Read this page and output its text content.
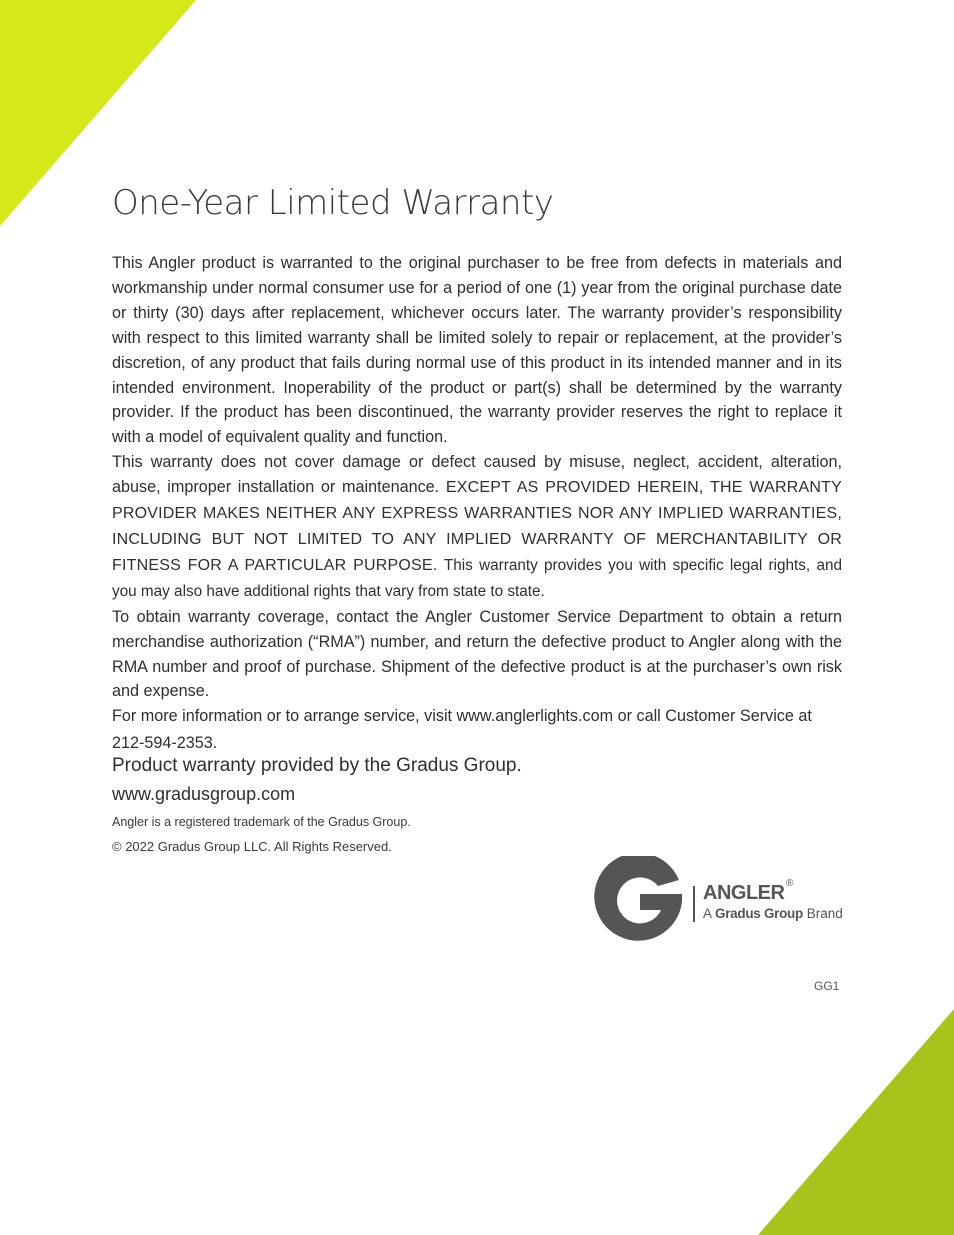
One-Year Limited Warranty

This Angler product is warranted to the original purchaser to be free from defects in materials and workmanship under normal consumer use for a period of one (1) year from the original purchase date or thirty (30) days after replacement, whichever occurs later. The warranty provider’s responsibility with respect to this limited warranty shall be limited solely to repair or replacement, at the provider’s discretion, of any product that fails during normal use of this product in its intended manner and in its intended environment. Inoperability of the product or part(s) shall be determined by the warranty provider. If the product has been discontinued, the warranty provider reserves the right to replace it with a model of equivalent quality and function.

This warranty does not cover damage or defect caused by misuse, neglect, accident, alteration, abuse, improper installation or maintenance. EXCEPT AS PROVIDED HEREIN, THE WARRANTY PROVIDER MAKES NEITHER ANY EXPRESS WARRANTIES NOR ANY IMPLIED WARRANTIES, INCLUDING BUT NOT LIMITED TO ANY IMPLIED WARRANTY OF MERCHANTABILITY OR FITNESS FOR A PARTICULAR PURPOSE. This warranty provides you with specific legal rights, and you may also have additional rights that vary from state to state.

To obtain warranty coverage, contact the Angler Customer Service Department to obtain a return merchandise authorization (“RMA”) number, and return the defective product to Angler along with the RMA number and proof of purchase. Shipment of the defective product is at the purchaser’s own risk and expense.

For more information or to arrange service, visit www.anglerlights.com or call Customer Service at

212-594-2353.

Product warranty provided by the Gradus Group.
www.gradusgroup.com
Angler is a registered trademark of the Gradus Group.
© 2022 Gradus Group LLC. All Rights Reserved.
ANGLER ®
A Gradus Group Brand
GG1
